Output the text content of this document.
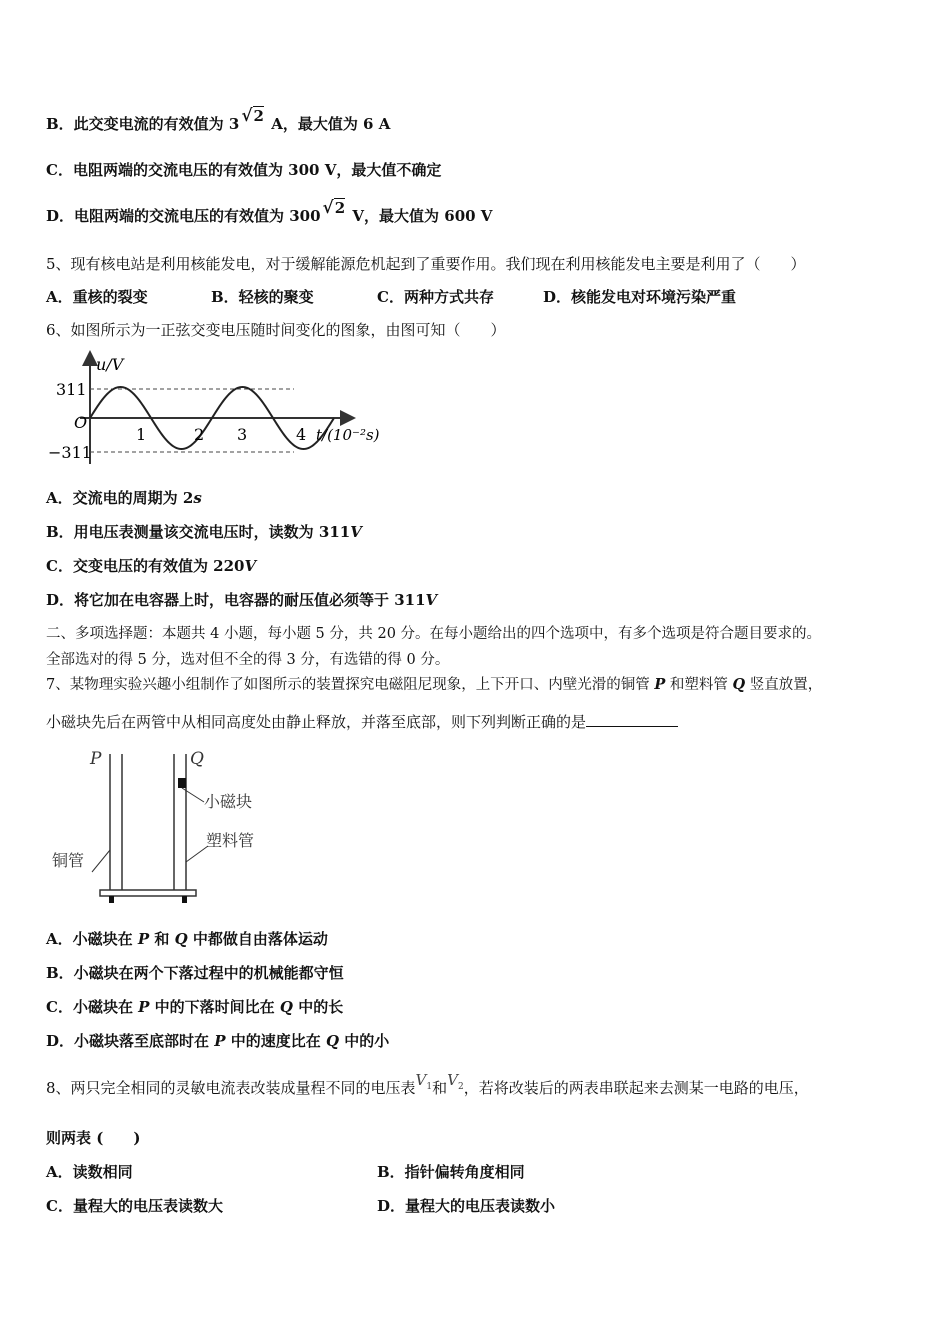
B．此交变电流的有效值为 3 √2 A，最大值为 6 A
C．电阻两端的交流电压的有效值为 300 V，最大值不确定
D．电阻两端的交流电压的有效值为 300 √2 V，最大值为 600 V
5、现有核电站是利用核能发电，对于缓解能源危机起到了重要作用。我们现在利用核能发电主要是利用了（　　）
A．重核的裂变	B．轻核的聚变	C．两种方式共存	D．核能发电对环境污染严重
6、如图所示为一正弦交变电压随时间变化的图象，由图可知（　　）
u/V
311
−311
O
1	2 3	4 t/(10⁻²s)
A．交流电的周期为 2s
B．用电压表测量该交流电压时，读数为 311V
C．交变电压的有效值为 220V
D．将它加在电容器上时，电容器的耐压值必须等于 311V
二、多项选择题：本题共 4 小题，每小题 5 分，共 20 分。在每小题给出的四个选项中，有多个选项是符合题目要求的。
全部选对的得 5 分，选对但不全的得 3 分，有选错的得 0 分。
7、某物理实验兴趣小组制作了如图所示的装置探究电磁阻尼现象，上下开口、内壁光滑的铜管 P 和塑料管 Q 竖直放置，
小磁块先后在两管中从相同高度处由静止释放，并落至底部，则下列判断正确的是
P	Q
小磁块
塑料管
铜管
A．小磁块在 P 和 Q 中都做自由落体运动
B．小磁块在两个下落过程中的机械能都守恒
C．小磁块在 P 中的下落时间比在 Q 中的长
D．小磁块落至底部时在 P 中的速度比在 Q 中的小
8、两只完全相同的灵敏电流表改装成量程不同的电压表$V^1$和$V^2$，若将改装后的两表串联起来去测某一电路的电压，
则两表 (　　)
A．读数相同	B．指针偏转角度相同
C．量程大的电压表读数大	D．量程大的电压表读数小
